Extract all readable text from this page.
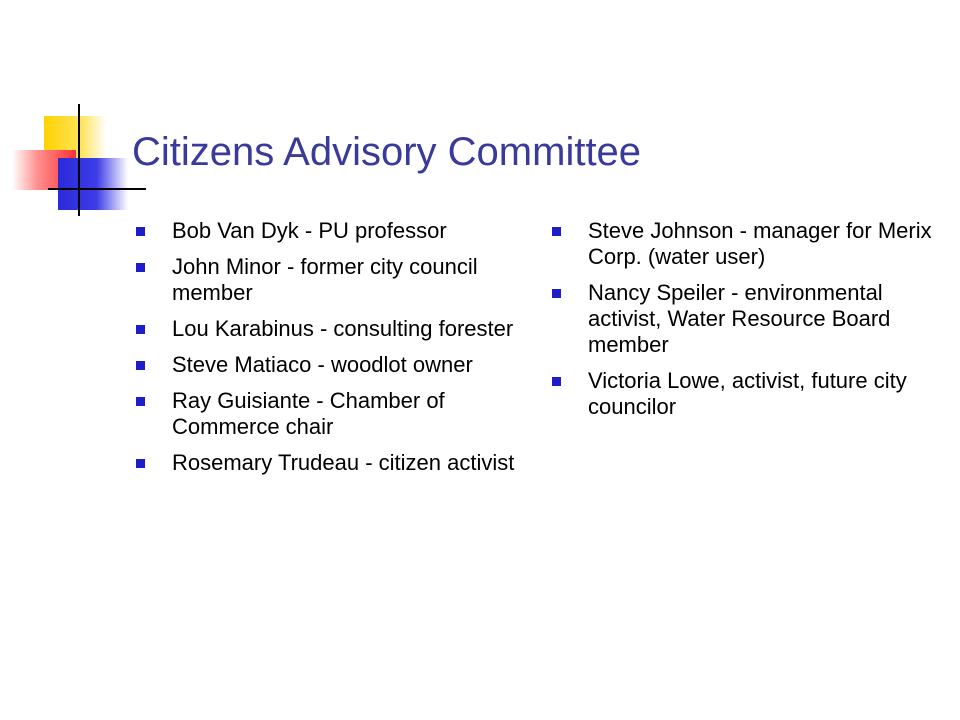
Citizens Advisory Committee
Bob Van Dyk - PU professor
John Minor - former city council member
Lou Karabinus - consulting forester
Steve Matiaco - woodlot owner
Ray Guisiante - Chamber of Commerce chair
Rosemary Trudeau - citizen activist
Steve Johnson - manager for Merix Corp. (water user)
Nancy Speiler - environmental activist, Water Resource Board member
Victoria Lowe, activist, future city councilor
